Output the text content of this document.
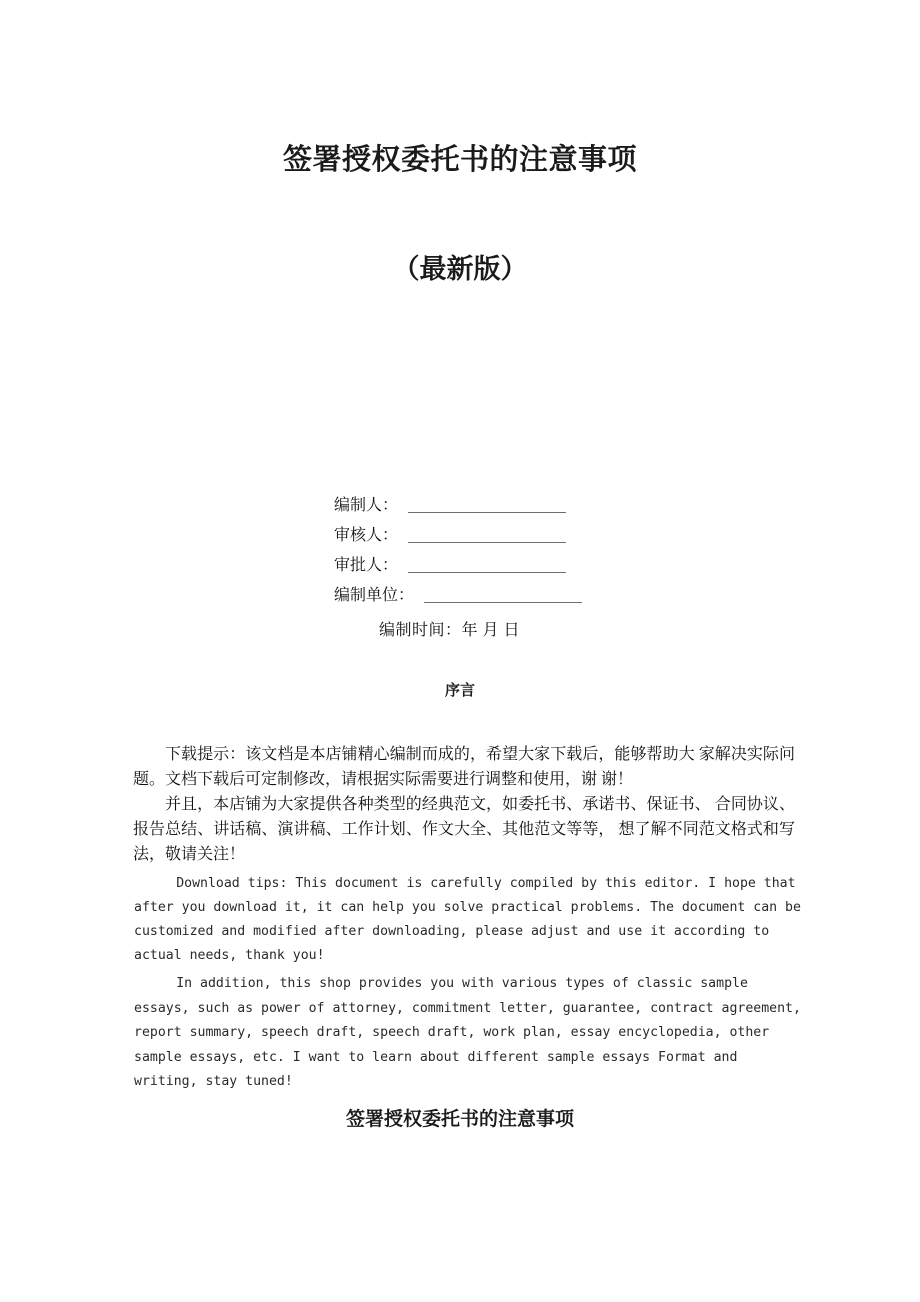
签署授权委托书的注意事项
（最新版）
编制人：
审核人：
审批人：
编制单位：
编制时间：年 月 日
序言

下载提示：该文档是本店铺精心编制而成的，希望大家下载后，能够帮助大 家解决实际问题。文档下载后可定制修改，请根据实际需要进行调整和使用，谢 谢！

并且，本店铺为大家提供各种类型的经典范文，如委托书、承诺书、保证书、 合同协议、报告总结、讲话稿、演讲稿、工作计划、作文大全、其他范文等等， 想了解不同范文格式和写法，敬请关注！

Download tips: This document is carefully compiled by this editor. I hope that after you download it, it can help you solve practical problems. The document can be customized and modified after downloading, please adjust and use it according to actual needs, thank you!

In addition, this shop provides you with various types of classic sample essays, such as power of attorney, commitment letter, guarantee, contract agreement, report summary, speech draft, speech draft, work plan, essay encyclopedia, other sample essays, etc. I want to learn about different sample essays Format and writing, stay tuned!

签署授权委托书的注意事项
